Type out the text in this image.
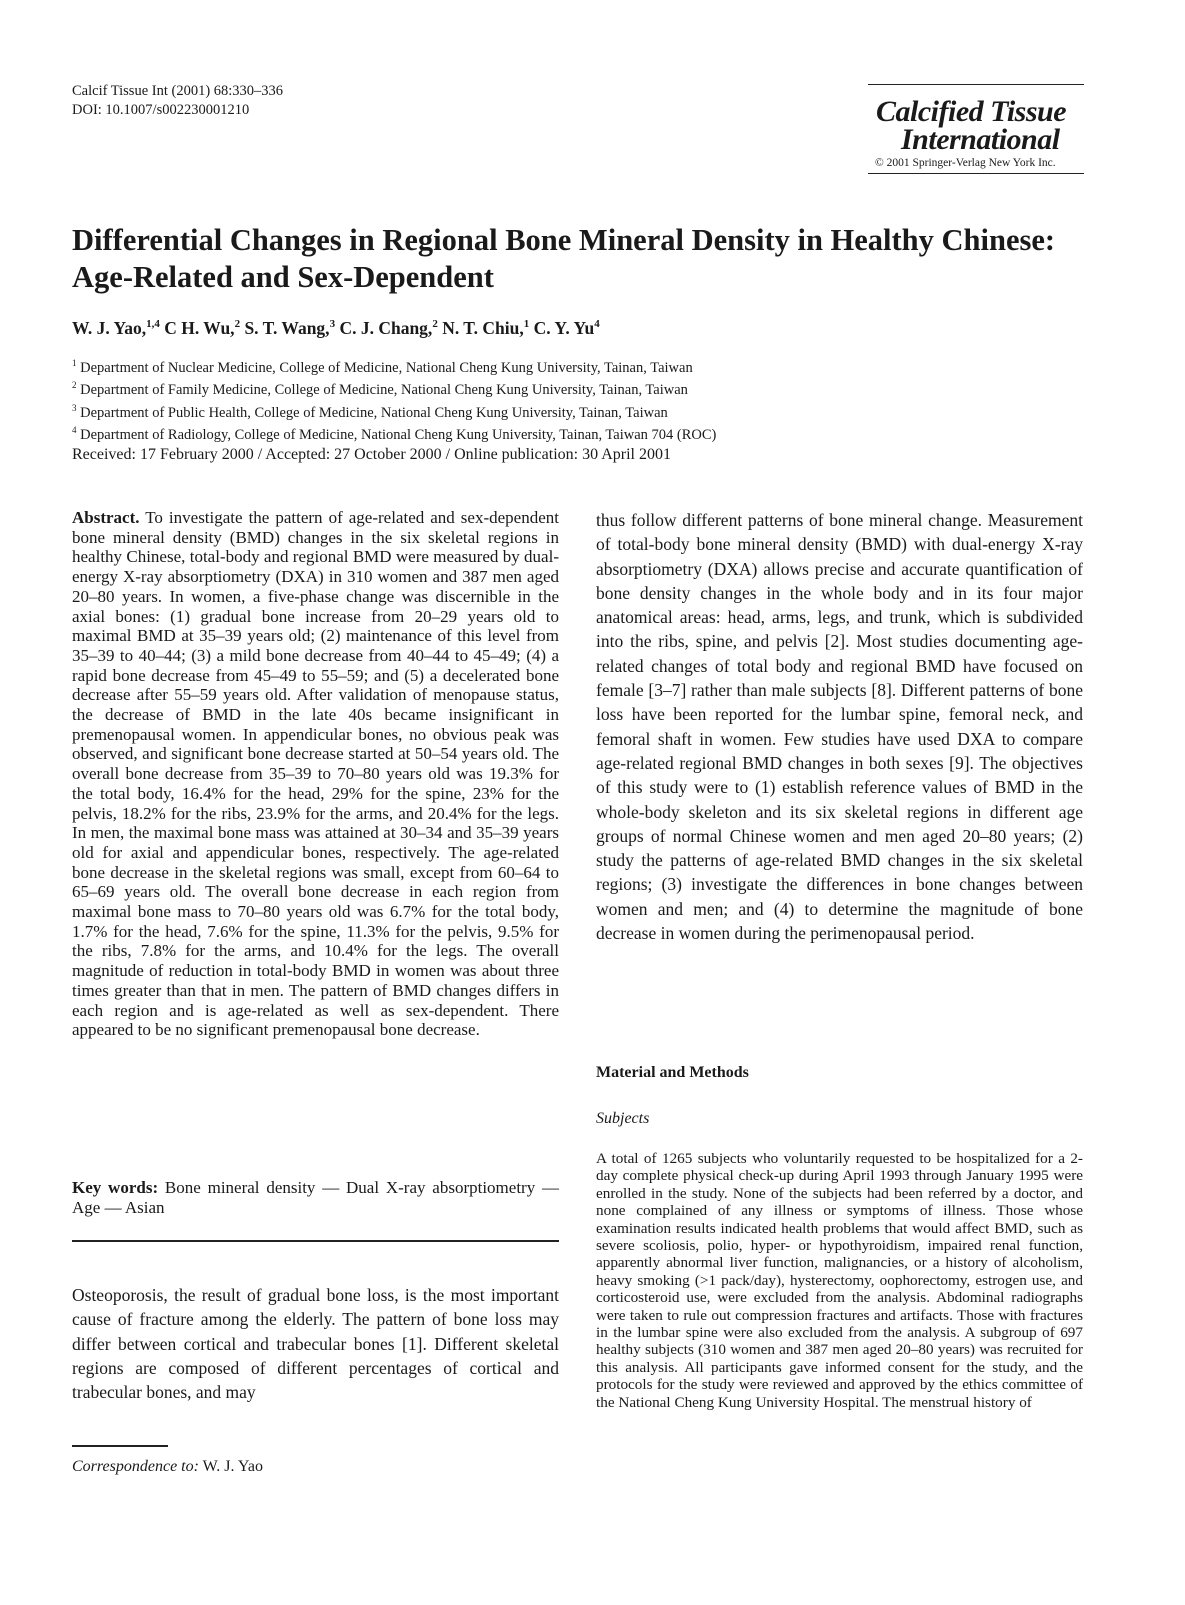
Calcif Tissue Int (2001) 68:330–336
DOI: 10.1007/s002230001210	Calcified Tissue
International
© 2001 Springer-Verlag New York Inc.
Differential Changes in Regional Bone Mineral Density in Healthy Chinese: Age-Related and Sex-Dependent
W. J. Yao,$^{1,4}$ C H. Wu,$^2$ S. T. Wang,$^3$ C. J. Chang,$^2$ N. T. Chiu,$^1$ C. Y. Yu$^4$
$^1$ Department of Nuclear Medicine, College of Medicine, National Cheng Kung University, Tainan, Taiwan
$^2$ Department of Family Medicine, College of Medicine, National Cheng Kung University, Tainan, Taiwan
$^3$ Department of Public Health, College of Medicine, National Cheng Kung University, Tainan, Taiwan
$^4$ Department of Radiology, College of Medicine, National Cheng Kung University, Tainan, Taiwan 704 (ROC)
Received: 17 February 2000 / Accepted: 27 October 2000 / Online publication: 30 April 2001

Abstract. To investigate the pattern of age-related and sex-dependent bone mineral density (BMD) changes in the six skeletal regions in healthy Chinese, total-body and regional BMD were measured by dual-energy X-ray absorptiometry (DXA) in 310 women and 387 men aged 20–80 years. In women, a five-phase change was discernible in the axial bones: (1) gradual bone increase from 20–29 years old to maximal BMD at 35–39 years old; (2) maintenance of this level from 35–39 to 40–44; (3) a mild bone decrease from 40–44 to 45–49; (4) a rapid bone decrease from 45–49 to 55–59; and (5) a decelerated bone decrease after 55–59 years old. After validation of menopause status, the decrease of BMD in the late 40s became insignificant in premenopausal women. In appendicular bones, no obvious peak was observed, and significant bone decrease started at 50–54 years old. The overall bone decrease from 35–39 to 70–80 years old was 19.3% for the total body, 16.4% for the head, 29% for the spine, 23% for the pelvis, 18.2% for the ribs, 23.9% for the arms, and 20.4% for the legs. In men, the maximal bone mass was attained at 30–34 and 35–39 years old for axial and appendicular bones, respectively. The age-related bone decrease in the skeletal regions was small, except from 60–64 to 65–69 years old. The overall bone decrease in each region from maximal bone mass to 70–80 years old was 6.7% for the total body, 1.7% for the head, 7.6% for the spine, 11.3% for the pelvis, 9.5% for the ribs, 7.8% for the arms, and 10.4% for the legs. The overall magnitude of reduction in total-body BMD in women was about three times greater than that in men. The pattern of BMD changes differs in each region and is age-related as well as sex-dependent. There appeared to be no significant premenopausal bone decrease.

Key words: Bone mineral density — Dual X-ray absorptiometry — Age — Asian

Osteoporosis, the result of gradual bone loss, is the most important cause of fracture among the elderly. The pattern of bone loss may differ between cortical and trabecular bones [1]. Different skeletal regions are composed of different percentages of cortical and trabecular bones, and may
Correspondence to: W. J. Yao
thus follow different patterns of bone mineral change. Measurement of total-body bone mineral density (BMD) with dual-energy X-ray absorptiometry (DXA) allows precise and accurate quantification of bone density changes in the whole body and in its four major anatomical areas: head, arms, legs, and trunk, which is subdivided into the ribs, spine, and pelvis [2]. Most studies documenting age-related changes of total body and regional BMD have focused on female [3–7] rather than male subjects [8]. Different patterns of bone loss have been reported for the lumbar spine, femoral neck, and femoral shaft in women. Few studies have used DXA to compare age-related regional BMD changes in both sexes [9]. The objectives of this study were to (1) establish reference values of BMD in the whole-body skeleton and its six skeletal regions in different age groups of normal Chinese women and men aged 20–80 years; (2) study the patterns of age-related BMD changes in the six skeletal regions; (3) investigate the differences in bone changes between women and men; and (4) to determine the magnitude of bone decrease in women during the perimenopausal period.
Material and Methods
Subjects
A total of 1265 subjects who voluntarily requested to be hospitalized for a 2-day complete physical check-up during April 1993 through January 1995 were enrolled in the study. None of the subjects had been referred by a doctor, and none complained of any illness or symptoms of illness. Those whose examination results indicated health problems that would affect BMD, such as severe scoliosis, polio, hyper- or hypothyroidism, impaired renal function, apparently abnormal liver function, malignancies, or a history of alcoholism, heavy smoking (>1 pack/day), hysterectomy, oophorectomy, estrogen use, and corticosteroid use, were excluded from the analysis. Abdominal radiographs were taken to rule out compression fractures and artifacts. Those with fractures in the lumbar spine were also excluded from the analysis. A subgroup of 697 healthy subjects (310 women and 387 men aged 20–80 years) was recruited for this analysis. All participants gave informed consent for the study, and the protocols for the study were reviewed and approved by the ethics committee of the National Cheng Kung University Hospital. The menstrual history of
